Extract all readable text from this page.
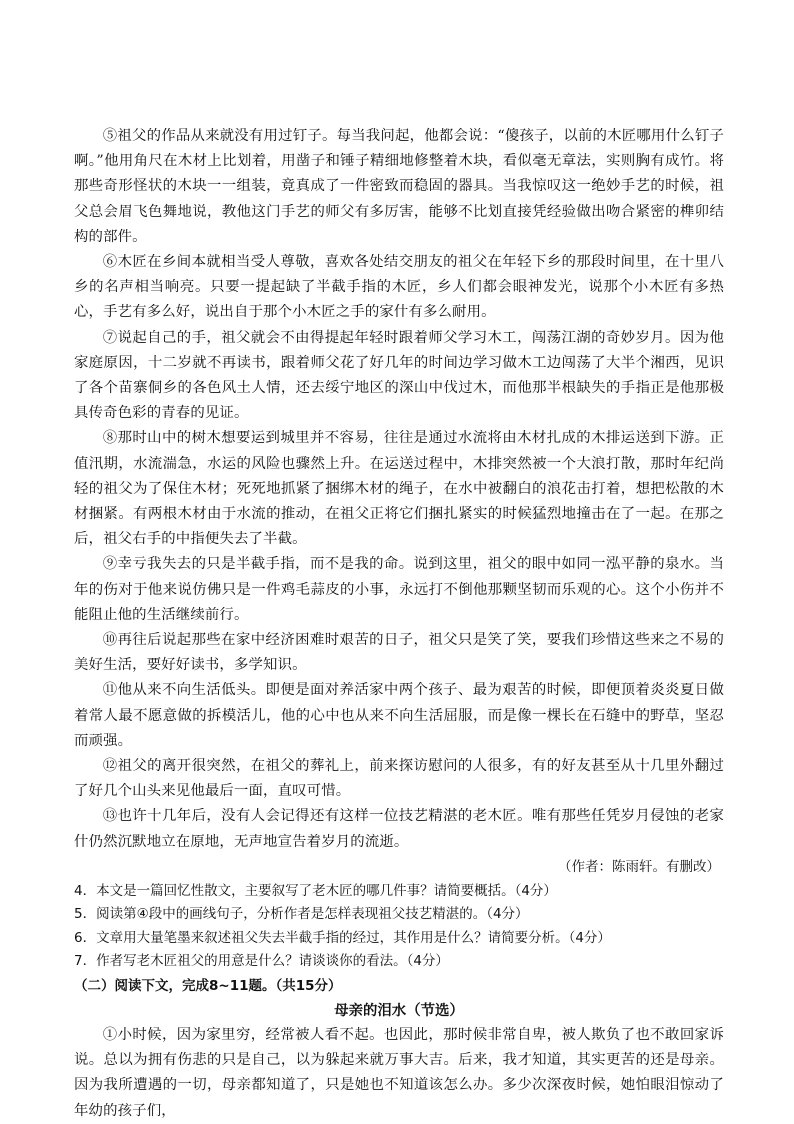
⑤祖父的作品从来就没有用过钉子。每当我问起，他都会说：“傻孩子，以前的木匠哪用什么钉子啊。”他用角尺在木材上比划着，用凿子和锤子精细地修整着木块，看似毫无章法，实则胸有成竹。将那些奇形怪状的木块一一组装，竟真成了一件密致而稳固的器具。当我惊叹这一绝妙手艺的时候，祖父总会眉飞色舞地说，教他这门手艺的师父有多厉害，能够不比划直接凭经验做出吻合紧密的榫卯结构的部件。

⑥木匠在乡间本就相当受人尊敬，喜欢各处结交朋友的祖父在年轻下乡的那段时间里，在十里八乡的名声相当响亮。只要一提起缺了半截手指的木匠，乡人们都会眼神发光，说那个小木匠有多热心，手艺有多么好，说出自于那个小木匠之手的家什有多么耐用。

⑦说起自己的手，祖父就会不由得提起年轻时跟着师父学习木工，闯荡江湖的奇妙岁月。因为他家庭原因，十二岁就不再读书，跟着师父花了好几年的时间边学习做木工边闯荡了大半个湘西，见识了各个苗寨侗乡的各色风土人情，还去绥宁地区的深山中伐过木，而他那半根缺失的手指正是他那极具传奇色彩的青春的见证。

⑧那时山中的树木想要运到城里并不容易，往往是通过水流将由木材扎成的木排运送到下游。正值汛期，水流湍急，水运的风险也骤然上升。在运送过程中，木排突然被一个大浪打散，那时年纪尚轻的祖父为了保住木材；死死地抓紧了捆绑木材的绳子，在水中被翻白的浪花击打着，想把松散的木材捆紧。有两根木材由于水流的推动，在祖父正将它们捆扎紧实的时候猛烈地撞击在了一起。在那之后，祖父右手的中指便失去了半截。

⑨幸亏我失去的只是半截手指，而不是我的命。说到这里，祖父的眼中如同一泓平静的泉水。当年的伤对于他来说仿佛只是一件鸡毛蒜皮的小事，永远打不倒他那颗坚韧而乐观的心。这个小伤并不能阻止他的生活继续前行。

⑩再往后说起那些在家中经济困难时艰苦的日子，祖父只是笑了笑，要我们珍惜这些来之不易的美好生活，要好好读书，多学知识。

⑪他从来不向生活低头。即便是面对养活家中两个孩子、最为艰苦的时候，即便顶着炎炎夏日做着常人最不愿意做的拆模活儿，他的心中也从来不向生活屈服，而是像一棵长在石缝中的野草，坚忍而顽强。

⑫祖父的离开很突然，在祖父的葬礼上，前来探访慰问的人很多，有的好友甚至从十几里外翻过了好几个山头来见他最后一面，直叹可惜。

⑬也许十几年后，没有人会记得还有这样一位技艺精湛的老木匠。唯有那些任凭岁月侵蚀的老家什仍然沉默地立在原地，无声地宣告着岁月的流逝。

（作者：陈雨轩。有删改）

4．本文是一篇回忆性散文，主要叙写了老木匠的哪几件事？请简要概括。（4分）

5．阅读第④段中的画线句子，分析作者是怎样表现祖父技艺精湛的。（4分）

6．文章用大量笔墨来叙述祖父失去半截手指的经过，其作用是什么？请简要分析。（4分）

7．作者写老木匠祖父的用意是什么？请谈谈你的看法。（4分）

（二）阅读下文，完成8~11题。（共15分）

母亲的泪水（节选）

①小时候，因为家里穷，经常被人看不起。也因此，那时候非常自卑，被人欺负了也不敢回家诉说。总以为拥有伤悲的只是自己，以为躲起来就万事大吉。后来，我才知道，其实更苦的还是母亲。因为我所遭遇的一切，母亲都知道了，只是她也不知道该怎么办。多少次深夜时候，她怕眼泪惊动了年幼的孩子们，
